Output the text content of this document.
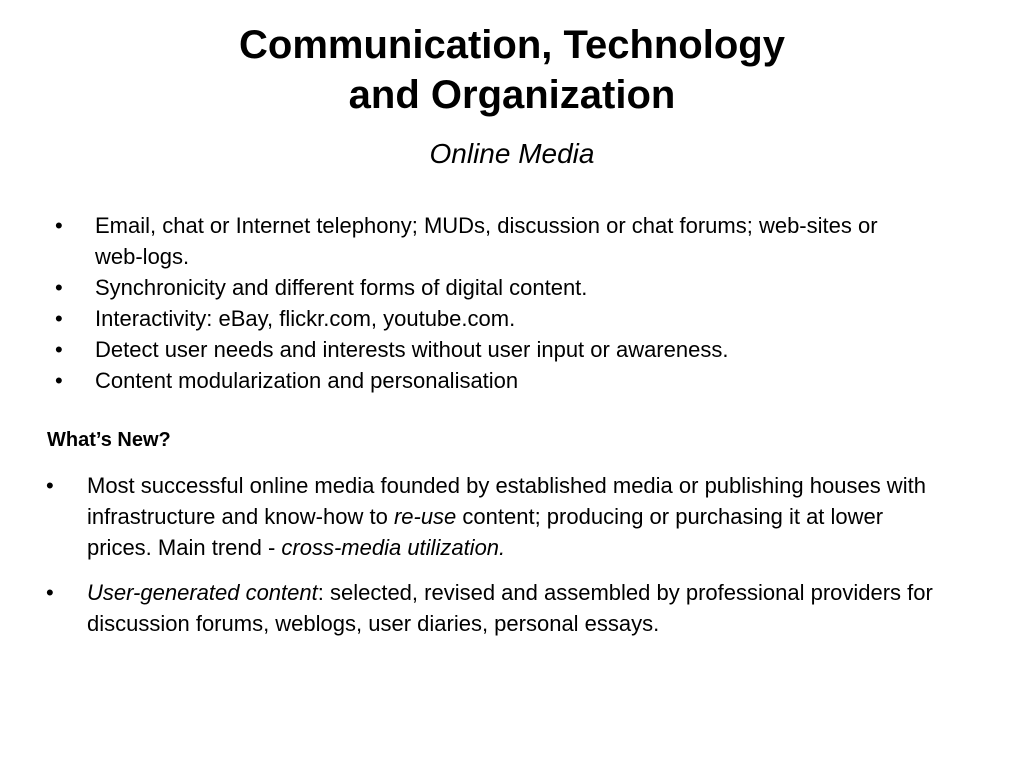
Communication, Technology
and Organization
Online Media
• Email, chat or Internet telephony; MUDs, discussion or chat forums; web-sites or web-logs.
• Synchronicity and different forms of digital content.
• Interactivity: eBay, flickr.com, youtube.com.
• Detect user needs and interests without user input or awareness.
• Content modularization and personalisation
What’s New?
• Most successful online media founded by established media or publishing houses with infrastructure and know-how to re-use content; producing or purchasing it at lower prices. Main trend - cross-media utilization.
• User-generated content: selected, revised and assembled by professional providers for discussion forums, weblogs, user diaries, personal essays.
